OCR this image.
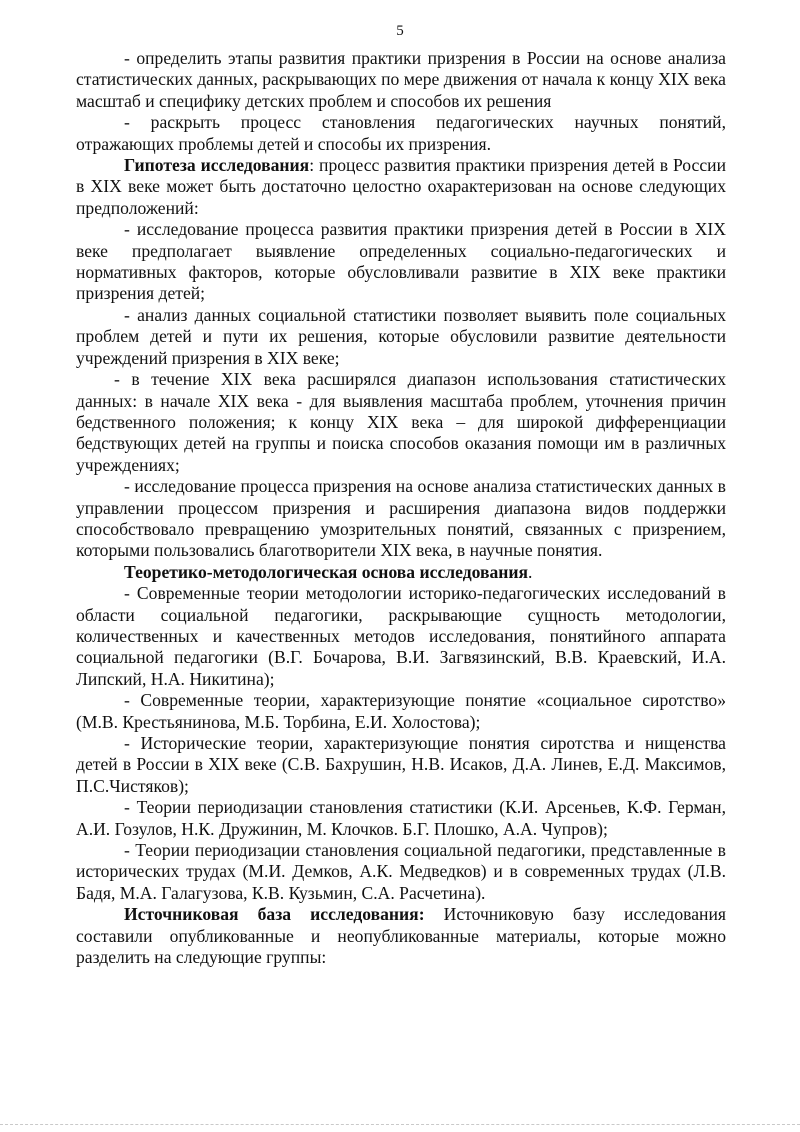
5

- определить этапы развития практики призрения в России на основе анализа статистических данных, раскрывающих по мере движения от начала к концу XIX века масштаб и специфику детских проблем и способов их решения

- раскрыть процесс становления педагогических научных понятий, отражающих проблемы детей и способы их призрения.

Гипотеза исследования: процесс развития практики призрения детей в России в XIX веке может быть достаточно целостно охарактеризован на основе следующих предположений:

- исследование процесса развития практики призрения детей в России в XIX веке предполагает выявление определенных социально-педагогических и нормативных факторов, которые обусловливали развитие в XIX веке практики призрения детей;

- анализ данных социальной статистики позволяет выявить поле социальных проблем детей и пути их решения, которые обусловили развитие деятельности учреждений призрения в XIX веке;

- в течение XIX века расширялся диапазон использования статистических данных: в начале XIX века - для выявления масштаба проблем, уточнения причин бедственного положения; к концу XIX века – для широкой дифференциации бедствующих детей на группы и поиска способов оказания помощи им в различных учреждениях;

- исследование процесса призрения на основе анализа статистических данных в управлении процессом призрения и расширения диапазона видов поддержки способствовало превращению умозрительных понятий, связанных с призрением, которыми пользовались благотворители XIX века, в научные понятия.

Теоретико-методологическая основа исследования.

- Современные теории методологии историко-педагогических исследований в области социальной педагогики, раскрывающие сущность методологии, количественных и качественных методов исследования, понятийного аппарата социальной педагогики (В.Г. Бочарова, В.И. Загвязинский, В.В. Краевский, И.А. Липский, Н.А. Никитина);

- Современные теории, характеризующие понятие «социальное сиротство» (М.В. Крестьянинова, М.Б. Торбина, Е.И. Холостова);

- Исторические теории, характеризующие понятия сиротства и нищенства детей в России в XIX веке (С.В. Бахрушин, Н.В. Исаков, Д.А. Линев, Е.Д. Максимов, П.С.Чистяков);

- Теории периодизации становления статистики (К.И. Арсеньев, К.Ф. Герман, А.И. Гозулов, Н.К. Дружинин, М. Клочков. Б.Г. Плошко, А.А. Чупров);

- Теории периодизации становления социальной педагогики, представленные в исторических трудах (М.И. Демков, А.К. Медведков) и в современных трудах (Л.В. Бадя, М.А. Галагузова, К.В. Кузьмин, С.А. Расчетина).

Источниковая база исследования: Источниковую базу исследования составили опубликованные и неопубликованные материалы, которые можно разделить на следующие группы:
